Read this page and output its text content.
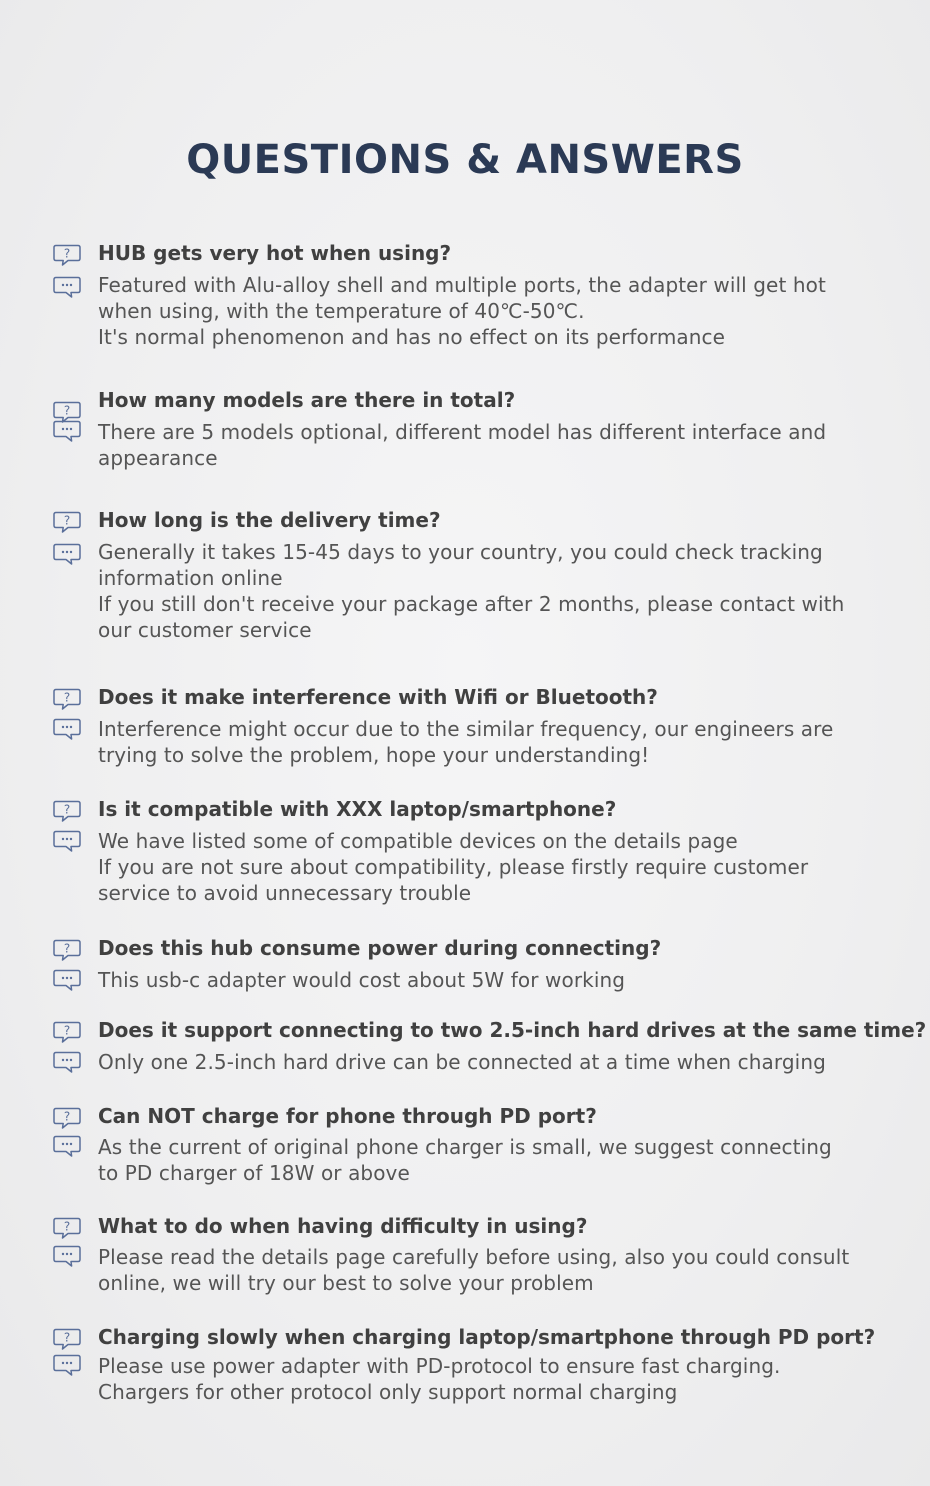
QUESTIONS & ANSWERS
? HUB gets very hot when using?
Featured with Alu-alloy shell and multiple ports, the adapter will get hot
when using, with the temperature of 40℃-50℃.
It's normal phenomenon and has no effect on its performance
? How many models are there in total?
There are 5 models optional, different model has different interface and
appearance
? How long is the delivery time?
Generally it takes 15-45 days to your country, you could check tracking
information online
If you still don't receive your package after 2 months, please contact with
our customer service
? Does it make interference with Wifi or Bluetooth?
Interference might occur due to the similar frequency, our engineers are
trying to solve the problem, hope your understanding!
? Is it compatible with XXX laptop/smartphone?
We have listed some of compatible devices on the details page
If you are not sure about compatibility, please firstly require customer
service to avoid unnecessary trouble
? Does this hub consume power during connecting?
This usb-c adapter would cost about 5W for working
? Does it support connecting to two 2.5-inch hard drives at the same time?
Only one 2.5-inch hard drive can be connected at a time when charging
? Can NOT charge for phone through PD port?
As the current of original phone charger is small, we suggest connecting
to PD charger of 18W or above
? What to do when having difficulty in using?
Please read the details page carefully before using, also you could consult
online, we will try our best to solve your problem
? Charging slowly when charging laptop/smartphone through PD port?
Please use power adapter with PD-protocol to ensure fast charging.
Chargers for other protocol only support normal charging
